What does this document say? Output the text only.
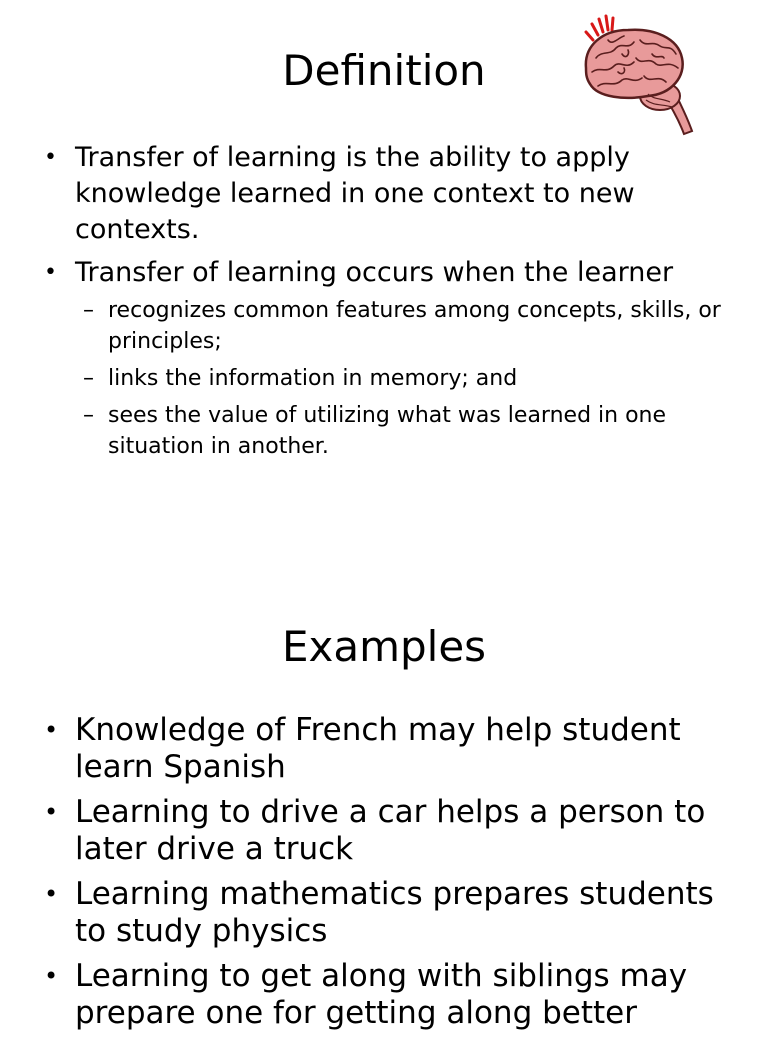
Definition
• Transfer of learning is the ability to apply knowledge learned in one context to new contexts.
• Transfer of learning occurs when the learner
– recognizes common features among concepts, skills, or principles;
– links the information in memory; and
– sees the value of utilizing what was learned in one situation in another.
Examples
• Knowledge of French may help student learn Spanish
• Learning to drive a car helps a person to later drive a truck
• Learning mathematics prepares students to study physics
• Learning to get along with siblings may prepare one for getting along better
